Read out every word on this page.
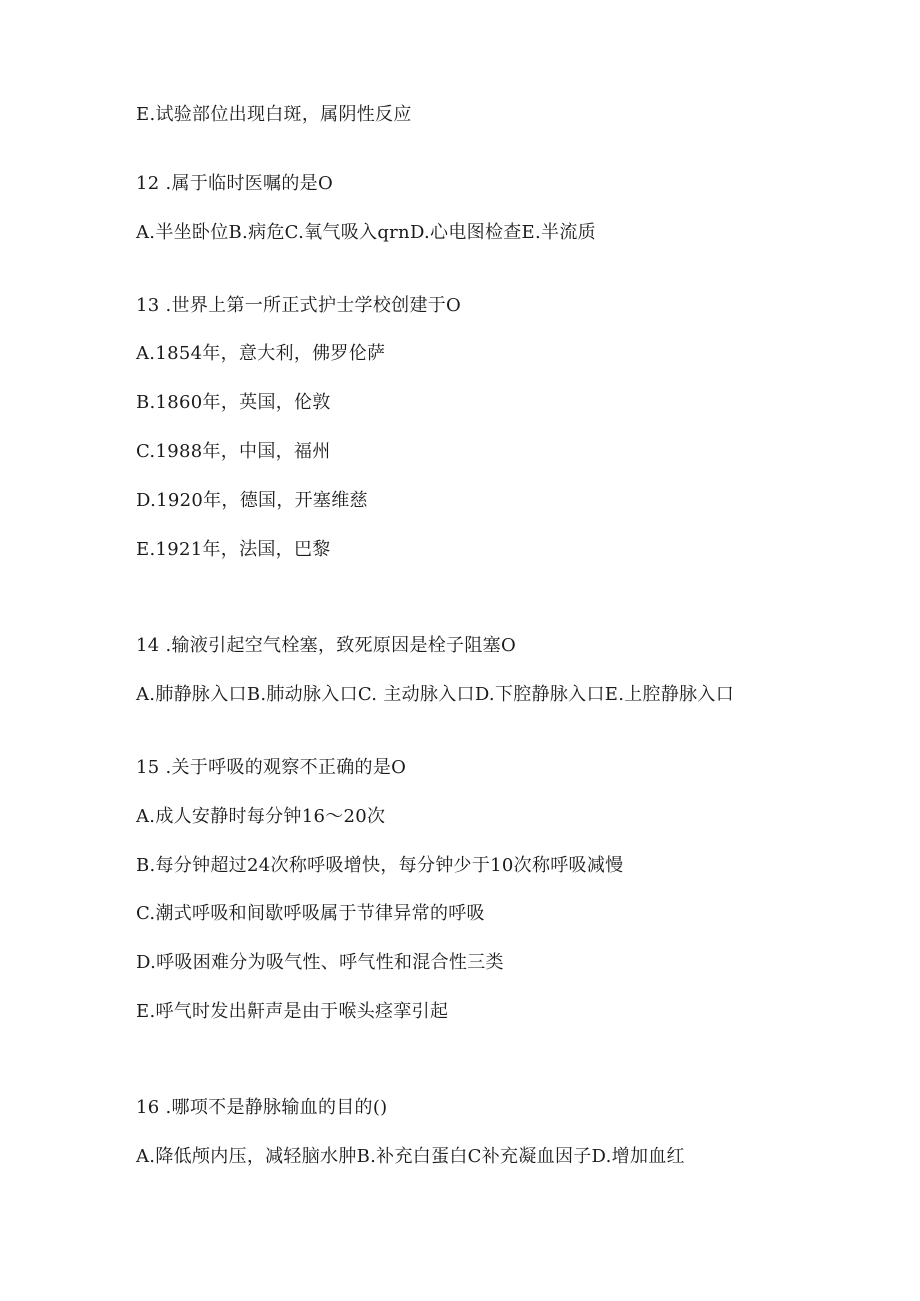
E.试验部位出现白斑，属阴性反应
12 .属于临时医嘱的是O
A.半坐卧位B.病危C.氧气吸入qrnD.心电图检查E.半流质
13 .世界上第一所正式护士学校创建于O
A.1854年，意大利，佛罗伦萨
B.1860年，英国，伦敦
C.1988年，中国，福州
D.1920年，德国，开塞维慈
E.1921年，法国，巴黎
14 .输液引起空气栓塞，致死原因是栓子阻塞O
A.肺静脉入口B.肺动脉入口C. 主动脉入口D.下腔静脉入口E.上腔静脉入口
15 .关于呼吸的观察不正确的是O
A.成人安静时每分钟16～20次
B.每分钟超过24次称呼吸增快，每分钟少于10次称呼吸减慢
C.潮式呼吸和间歇呼吸属于节律异常的呼吸
D.呼吸困难分为吸气性、呼气性和混合性三类
E.呼气时发出鼾声是由于喉头痉挛引起
16 .哪项不是静脉输血的目的()
A.降低颅内压，减轻脑水肿B.补充白蛋白C补充凝血因子D.增加血红
